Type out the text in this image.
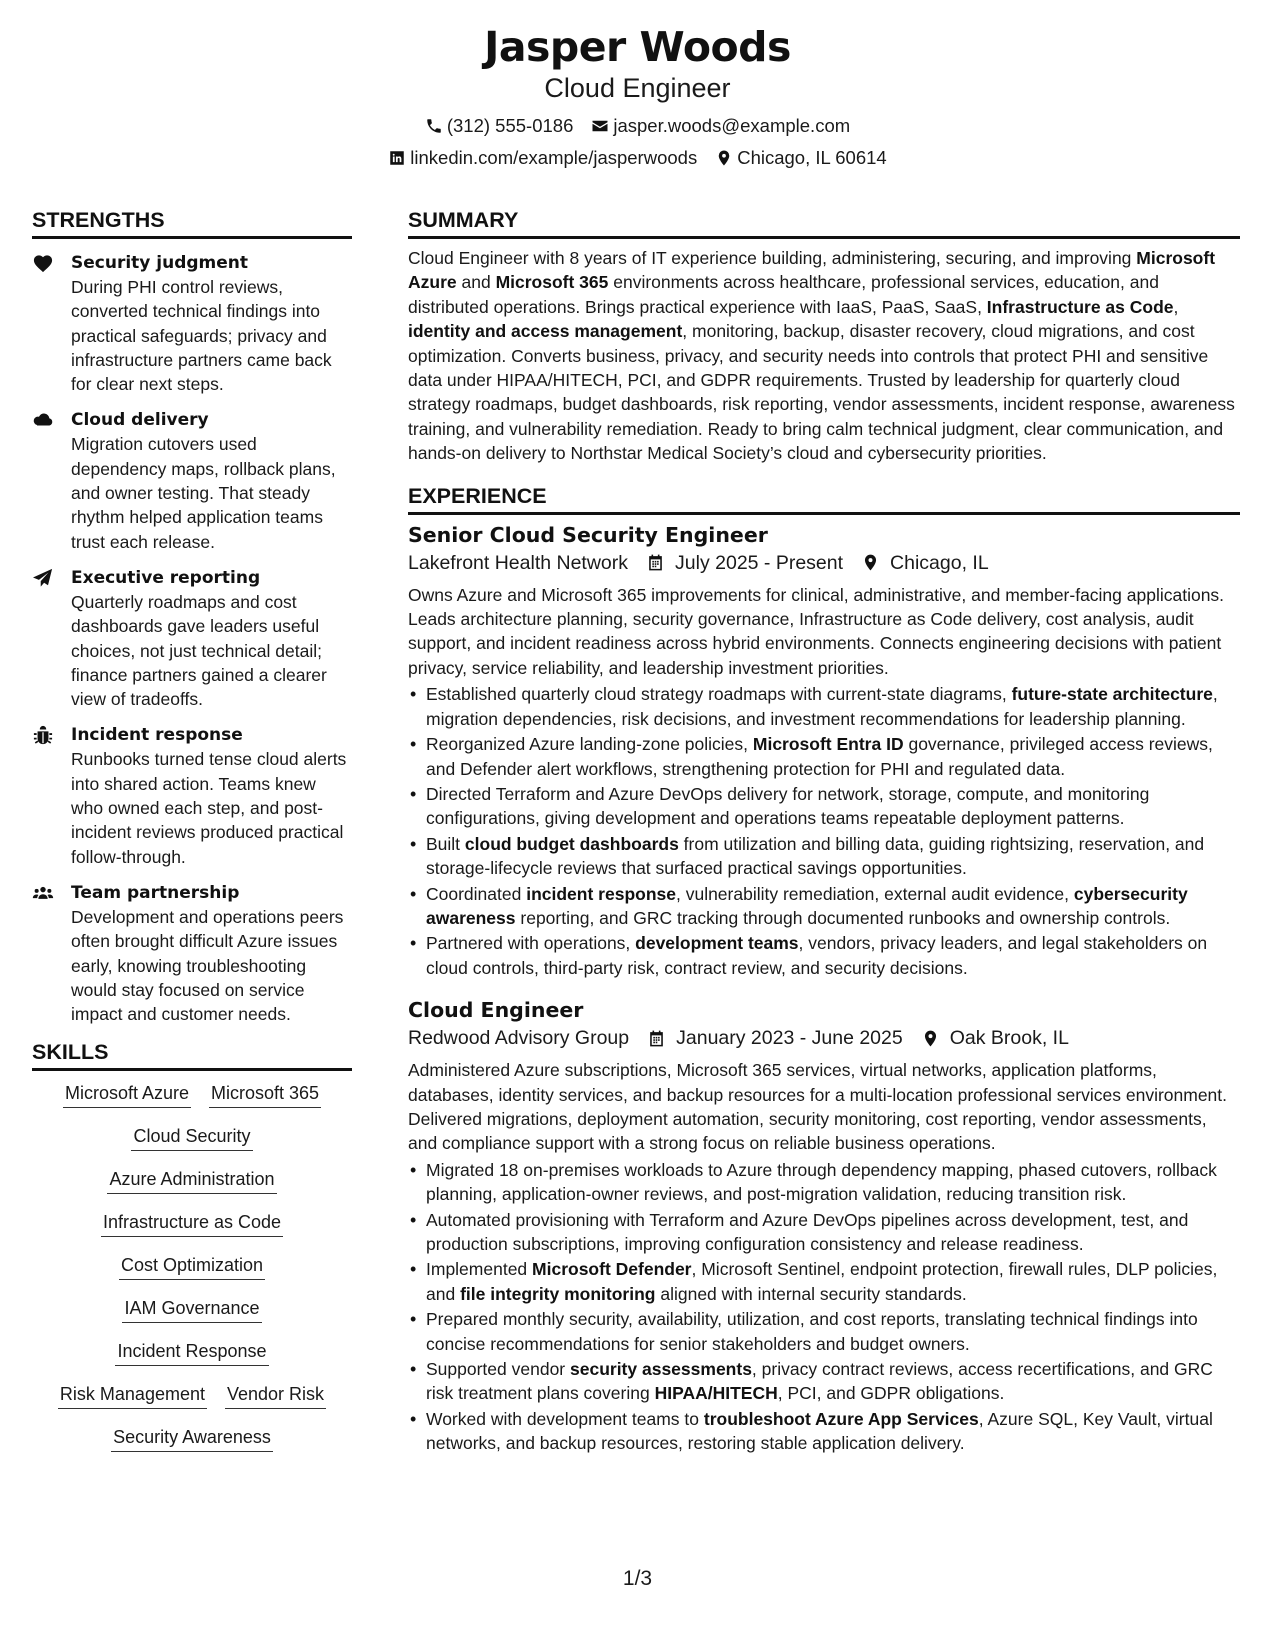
Jasper Woods
Cloud Engineer
(312) 555-0186 jasper.woods@example.com
linkedin.com/example/jasperwoods Chicago, IL 60614
STRENGTHS
Security judgment
During PHI control reviews, converted technical findings into practical safeguards; privacy and infrastructure partners came back for clear next steps.
Cloud delivery
Migration cutovers used dependency maps, rollback plans, and owner testing. That steady rhythm helped application teams trust each release.
Executive reporting
Quarterly roadmaps and cost dashboards gave leaders useful choices, not just technical detail; finance partners gained a clearer view of tradeoffs.
Incident response
Runbooks turned tense cloud alerts into shared action. Teams knew who owned each step, and post-incident reviews produced practical follow-through.
Team partnership
Development and operations peers often brought difficult Azure issues early, knowing troubleshooting would stay focused on service impact and customer needs.
SKILLS
Microsoft Azure Microsoft 365
Cloud Security
Azure Administration
Infrastructure as Code
Cost Optimization
IAM Governance
Incident Response
Risk Management Vendor Risk
Security Awareness
SUMMARY

Cloud Engineer with 8 years of IT experience building, administering, securing, and improving Microsoft Azure and Microsoft 365 environments across healthcare, professional services, education, and distributed operations. Brings practical experience with IaaS, PaaS, SaaS, Infrastructure as Code, identity and access management, monitoring, backup, disaster recovery, cloud migrations, and cost optimization. Converts business, privacy, and security needs into controls that protect PHI and sensitive data under HIPAA/HITECH, PCI, and GDPR requirements. Trusted by leadership for quarterly cloud strategy roadmaps, budget dashboards, risk reporting, vendor assessments, incident response, awareness training, and vulnerability remediation. Ready to bring calm technical judgment, clear communication, and hands-on delivery to Northstar Medical Society’s cloud and cybersecurity priorities.

EXPERIENCE
Senior Cloud Security Engineer
Lakefront Health Network July 2025 - Present Chicago, IL

Owns Azure and Microsoft 365 improvements for clinical, administrative, and member-facing applications. Leads architecture planning, security governance, Infrastructure as Code delivery, cost analysis, audit support, and incident readiness across hybrid environments. Connects engineering decisions with patient privacy, service reliability, and leadership investment priorities.

• Established quarterly cloud strategy roadmaps with current-state diagrams, future-state architecture, migration dependencies, risk decisions, and investment recommendations for leadership planning.
• Reorganized Azure landing-zone policies, Microsoft Entra ID governance, privileged access reviews, and Defender alert workflows, strengthening protection for PHI and regulated data.
• Directed Terraform and Azure DevOps delivery for network, storage, compute, and monitoring configurations, giving development and operations teams repeatable deployment patterns.
• Built cloud budget dashboards from utilization and billing data, guiding rightsizing, reservation, and storage-lifecycle reviews that surfaced practical savings opportunities.
• Coordinated incident response, vulnerability remediation, external audit evidence, cybersecurity awareness reporting, and GRC tracking through documented runbooks and ownership controls.
• Partnered with operations, development teams, vendors, privacy leaders, and legal stakeholders on cloud controls, third-party risk, contract review, and security decisions.
Cloud Engineer
Redwood Advisory Group January 2023 - June 2025 Oak Brook, IL

Administered Azure subscriptions, Microsoft 365 services, virtual networks, application platforms, databases, identity services, and backup resources for a multi-location professional services environment. Delivered migrations, deployment automation, security monitoring, cost reporting, vendor assessments, and compliance support with a strong focus on reliable business operations.

• Migrated 18 on-premises workloads to Azure through dependency mapping, phased cutovers, rollback planning, application-owner reviews, and post-migration validation, reducing transition risk.
• Automated provisioning with Terraform and Azure DevOps pipelines across development, test, and production subscriptions, improving configuration consistency and release readiness.
• Implemented Microsoft Defender, Microsoft Sentinel, endpoint protection, firewall rules, DLP policies, and file integrity monitoring aligned with internal security standards.
• Prepared monthly security, availability, utilization, and cost reports, translating technical findings into concise recommendations for senior stakeholders and budget owners.
• Supported vendor security assessments, privacy contract reviews, access recertifications, and GRC risk treatment plans covering HIPAA/HITECH, PCI, and GDPR obligations.
• Worked with development teams to troubleshoot Azure App Services, Azure SQL, Key Vault, virtual networks, and backup resources, restoring stable application delivery.
1/3
